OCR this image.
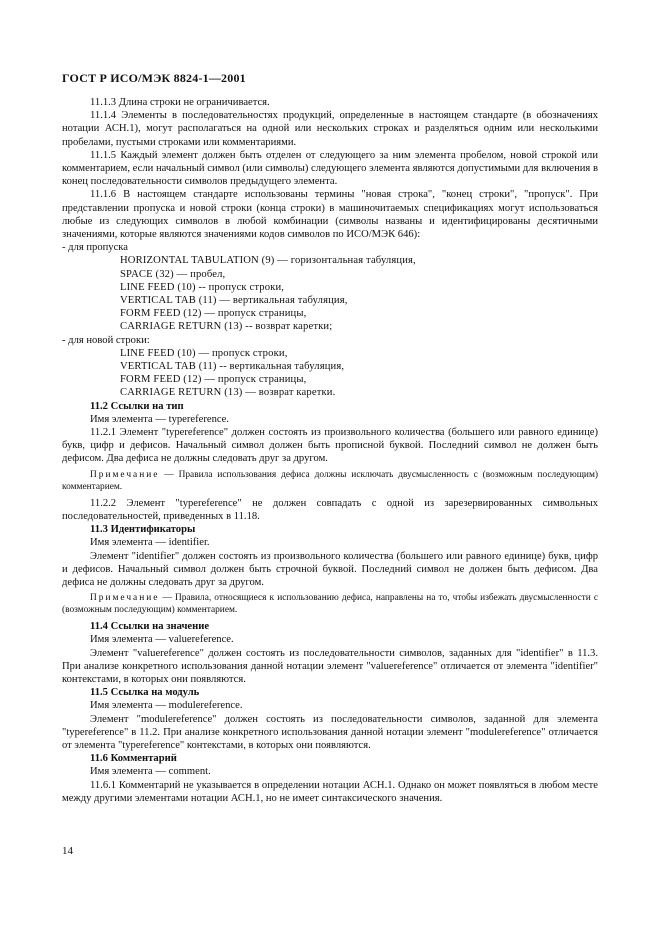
ГОСТ Р ИСО/МЭК 8824-1—2001

11.1.3 Длина строки не ограничивается.

11.1.4 Элементы в последовательностях продукций, определенные в настоящем стандарте (в обозначениях нотации АСН.1), могут располагаться на одной или нескольких строках и разделяться одним или несколькими пробелами, пустыми строками или комментариями.

11.1.5 Каждый элемент должен быть отделен от следующего за ним элемента пробелом, новой строкой или комментарием, если начальный символ (или символы) следующего элемента являются допустимыми для включения в конец последовательности символов предыдущего элемента.

11.1.6 В настоящем стандарте использованы термины "новая строка", "конец строки", "пропуск". При представлении пропуска и новой строки (конца строки) в машиночитаемых спецификациях могут использоваться любые из следующих символов в любой комбинации (символы названы и идентифицированы десятичными значениями, которые являются значениями кодов символов по ИСО/МЭК 646):

- для пропуска

HORIZONTAL TABULATION (9) — горизонтальная табуляция,

SPACE (32) — пробел,

LINE FEED (10) -- пропуск строки,

VERTICAL TAB (11) — вертикальная табуляция,

FORM FEED (12) — пропуск страницы,

CARRIAGE RETURN (13) -- возврат каретки;

- для новой строки:

LINE FEED (10) — пропуск строки,

VERTICAL TAB (11) -- вертикальная табуляция,

FORM FEED (12) — пропуск страницы,

CARRIAGE RETURN (13) — возврат каретки.

11.2 Ссылки на тип

Имя элемента — typereference.

11.2.1 Элемент "typereference" должен состоять из произвольного количества (большего или равного единице) букв, цифр и дефисов. Начальный символ должен быть прописной буквой. Последний символ не должен быть дефисом. Два дефиса не должны следовать друг за другом.

Примечание — Правила использования дефиса должны исключать двусмысленность с (возможным последующим) комментарием.

11.2.2 Элемент "typereference" не должен совпадать с одной из зарезервированных символьных последовательностей, приведенных в 11.18.

11.3 Идентификаторы

Имя элемента — identifier.

Элемент "identifier" должен состоять из произвольного количества (большего или равного единице) букв, цифр и дефисов. Начальный символ должен быть строчной буквой. Последний символ не должен быть дефисом. Два дефиса не должны следовать друг за другом.

Примечание — Правила, относящиеся к использованию дефиса, направлены на то, чтобы избежать двусмысленности с (возможным последующим) комментарием.

11.4 Ссылки на значение

Имя элемента — valuereference.

Элемент "valuereference" должен состоять из последовательности символов, заданных для "identifier" в 11.3. При анализе конкретного использования данной нотации элемент "valuereference" отличается от элемента "identifier" контекстами, в которых они появляются.

11.5 Ссылка на модуль

Имя элемента — modulereference.

Элемент "modulereference" должен состоять из последовательности символов, заданной для элемента "typereference" в 11.2. При анализе конкретного использования данной нотации элемент "modulereference" отличается от элемента "typereference" контекстами, в которых они появляются.

11.6 Комментарий

Имя элемента — comment.

11.6.1 Комментарий не указывается в определении нотации АСН.1. Однако он может появляться в любом месте между другими элементами нотации АСН.1, но не имеет синтаксического значения.

14
